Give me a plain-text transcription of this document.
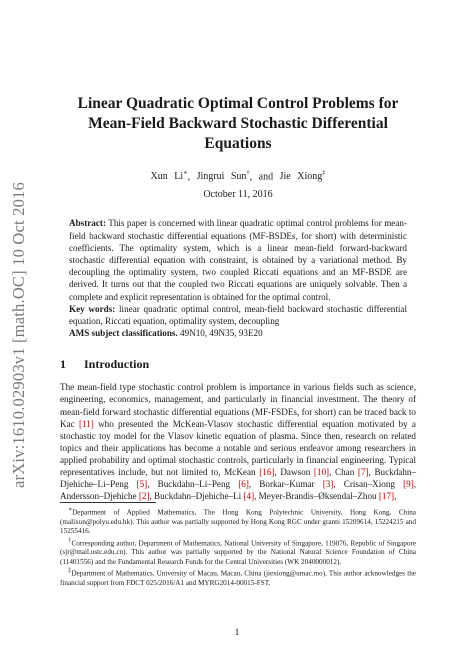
arXiv:1610.02903v1 [math.OC] 10 Oct 2016
Linear Quadratic Optimal Control Problems for
Mean-Field Backward Stochastic Differential
Equations
Xun Li∗, Jingrui Sun†, and Jie Xiong‡
October 11, 2016

Abstract: This paper is concerned with linear quadratic optimal control problems for mean-field backward stochastic differential equations (MF-BSDEs, for short) with deterministic coefficients. The optimality system, which is a linear mean-field forward-backward stochastic differential equation with constraint, is obtained by a variational method. By decoupling the optimality system, two coupled Riccati equations and an MF-BSDE are derived. It turns out that the coupled two Riccati equations are uniquely solvable. Then a complete and explicit representation is obtained for the optimal control.

Key words: linear quadratic optimal control, mean-field backward stochastic differential equation, Riccati equation, optimality system, decoupling

AMS subject classifications. 49N10, 49N35, 93E20

1 Introduction

The mean-field type stochastic control problem is importance in various fields such as science, engineering, economics, management, and particularly in financial investment. The theory of mean-field forward stochastic differential equations (MF-FSDEs, for short) can be traced back to Kac [11] who presented the McKean-Vlasov stochastic differential equation motivated by a stochastic toy model for the Vlasov kinetic equation of plasma. Since then, research on related topics and their applications has become a notable and serious endeavor among researchers in applied probability and optimal stochastic controls, particularly in financial engineering. Typical representatives include, but not limited to, McKean [16], Dawson [10], Chan [7], Buckdahn–Djehiche–Li–Peng [5], Buckdahn–Li–Peng [6], Borkar–Kumar [3], Crisan–Xiong [9], Andersson–Djehiche [2], Buckdahn–Djehiche–Li [4], Meyer-Brandis–Øksendal–Zhou [17],

∗Department of Applied Mathematics, The Hong Kong Polytechnic University, Hong Kong, China (malixun@polyu.edu.hk). This author was partially supported by Hong Kong RGC under grants 15209614, 15224215 and 15255416.

†Corresponding author, Department of Mathematics, National University of Singapore, 119076, Republic of Singapore (sjr@mail.ustc.edu.cn). This author was partially supported by the National Natural Science Foundation of China (11401556) and the Fundamental Research Funds for the Central Universities (WK 2040000012).

‡Department of Mathematics, University of Macau, Macau, China (jiexiong@umac.mo). This author acknowledges the financial support from FDCT 025/2016/A1 and MYRG2014-00015-FST.

1
